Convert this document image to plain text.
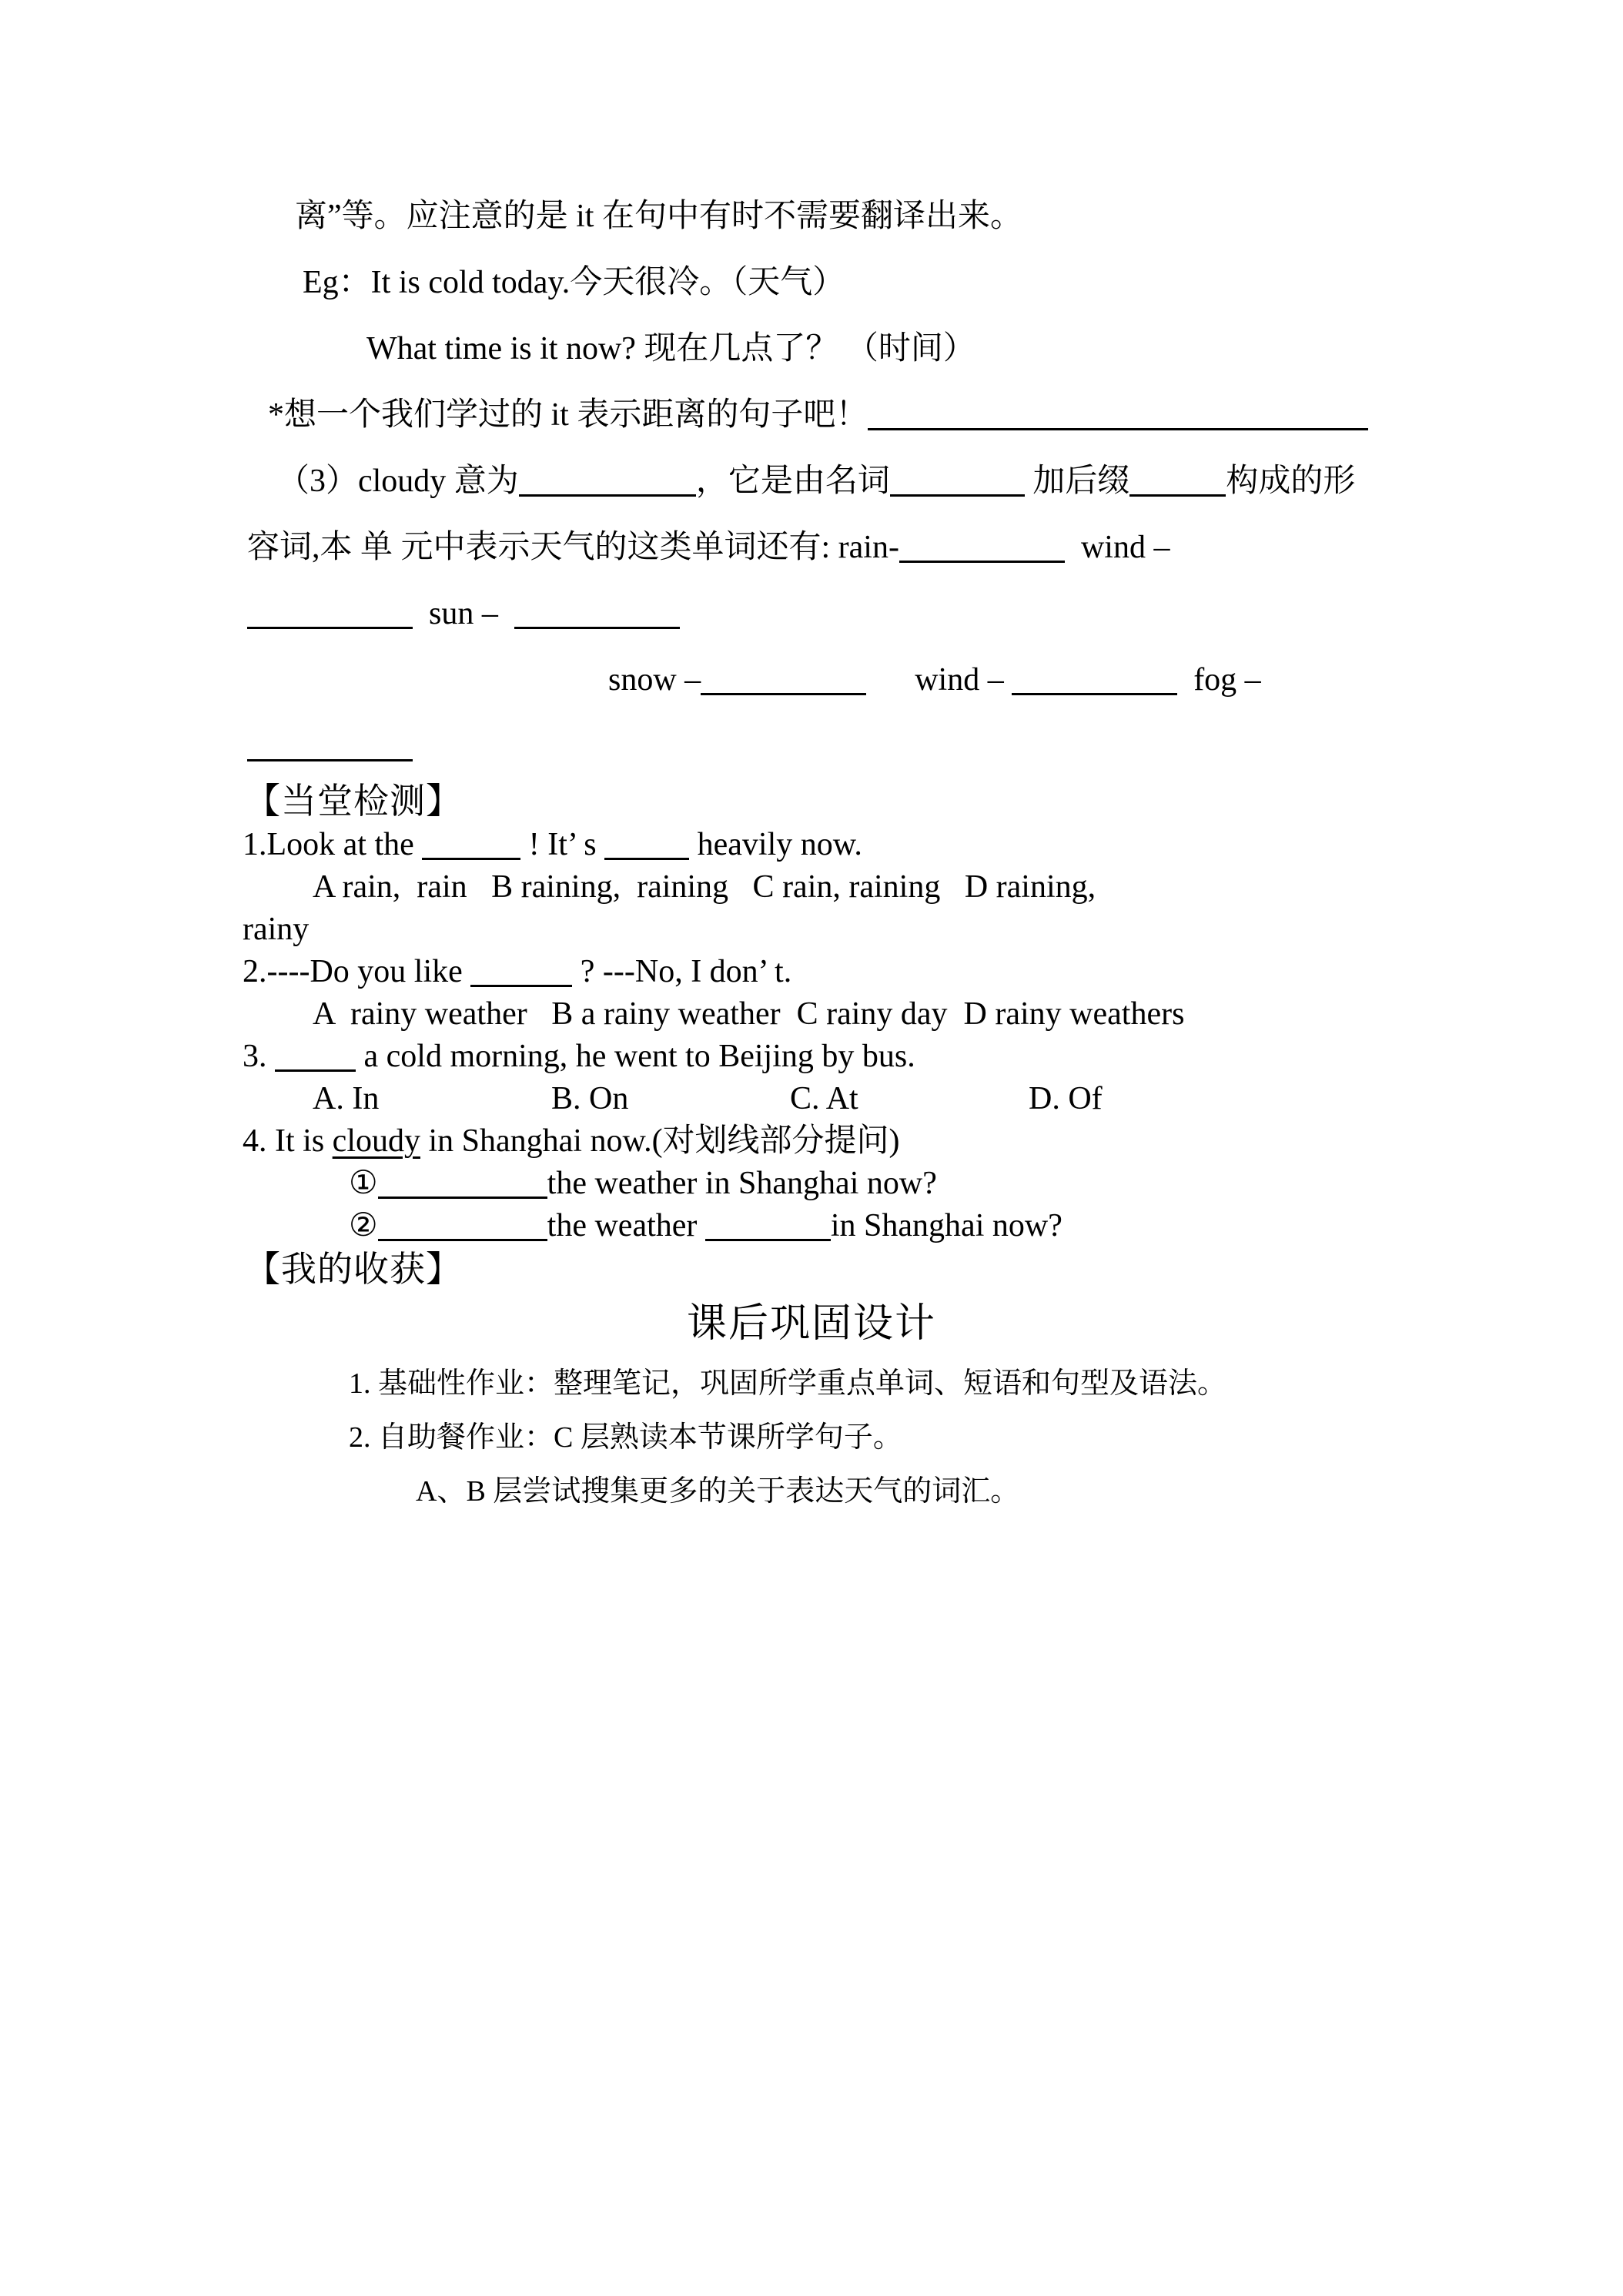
离”等。应注意的是 it 在句中有时不需要翻译出来。
Eg：It is cold today.今天很冷。（天气）
What time is it now? 现在几点了？ （时间）
*想一个我们学过的 it 表示距离的句子吧！
（3）cloudy 意为	，它是由名词	加后缀	构成的形
容词,本 单 元中表示天气的这类单词还有: rain-	wind –
sun –
snow –	wind –	fog –
【当堂检测】
1.Look at the	! It’ s	heavily now.
A rain,  rain   B raining,  raining   C rain, raining   D raining,
rainy
2.----Do you like	? ---No, I don’ t.
A  rainy weather   B a rainy weather  C rainy day  D rainy weathers
3.	a cold morning, he went to Beijing by bus.
A. In	B. On	C. At	D. Of
4. It is cloudy in Shanghai now.(对划线部分提问)
①	the weather in Shanghai now?
②	the weather	in Shanghai now?
【我的收获】
课后巩固设计
1. 基础性作业：整理笔记，巩固所学重点单词、短语和句型及语法。
2. 自助餐作业：C 层熟读本节课所学句子。
A、B 层尝试搜集更多的关于表达天气的词汇。
